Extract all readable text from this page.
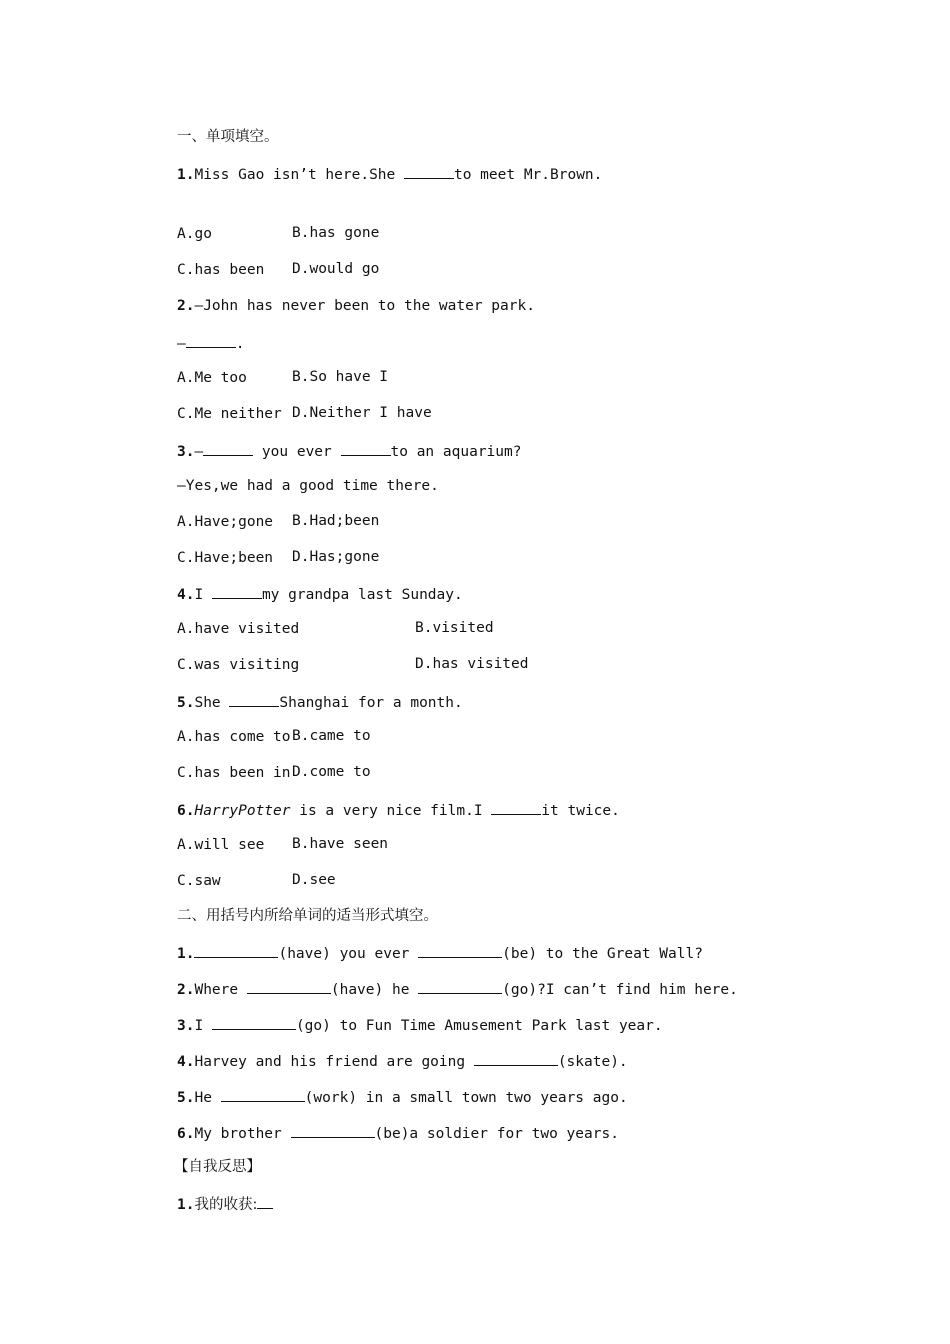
一、单项填空。
1.Miss Gao isn’t here.She	to meet Mr.Brown.
A.go	B.has gone
C.has been D.would go
2.—John has never been to the water park.
—	.
A.Me too	B.So have I
C.Me neither D.Neither I have
3.—	you ever	to an aquarium?
—Yes,we had a good time there.
A.Have;gone B.Had;been
C.Have;been D.Has;gone
4.I	my grandpa last Sunday.
A.have visited	B.visited
C.was visiting	D.has visited
5.She	Shanghai for a month.
A.has come to B.came to
C.has been in D.come to
6.HarryPotter is a very nice film.I	it twice.
A.will see B.have seen
C.saw	D.see
二、用括号内所给单词的适当形式填空。
1.	(have) you ever	(be) to the Great Wall?
2.Where	(have) he	(go)?I can’t find him here.
3.I	(go) to Fun Time Amusement Park last year.
4.Harvey and his friend are going	(skate).
5.He	(work) in a small town two years ago.
6.My brother	(be)a soldier for two years.
【自我反思】
1.我的收获:
